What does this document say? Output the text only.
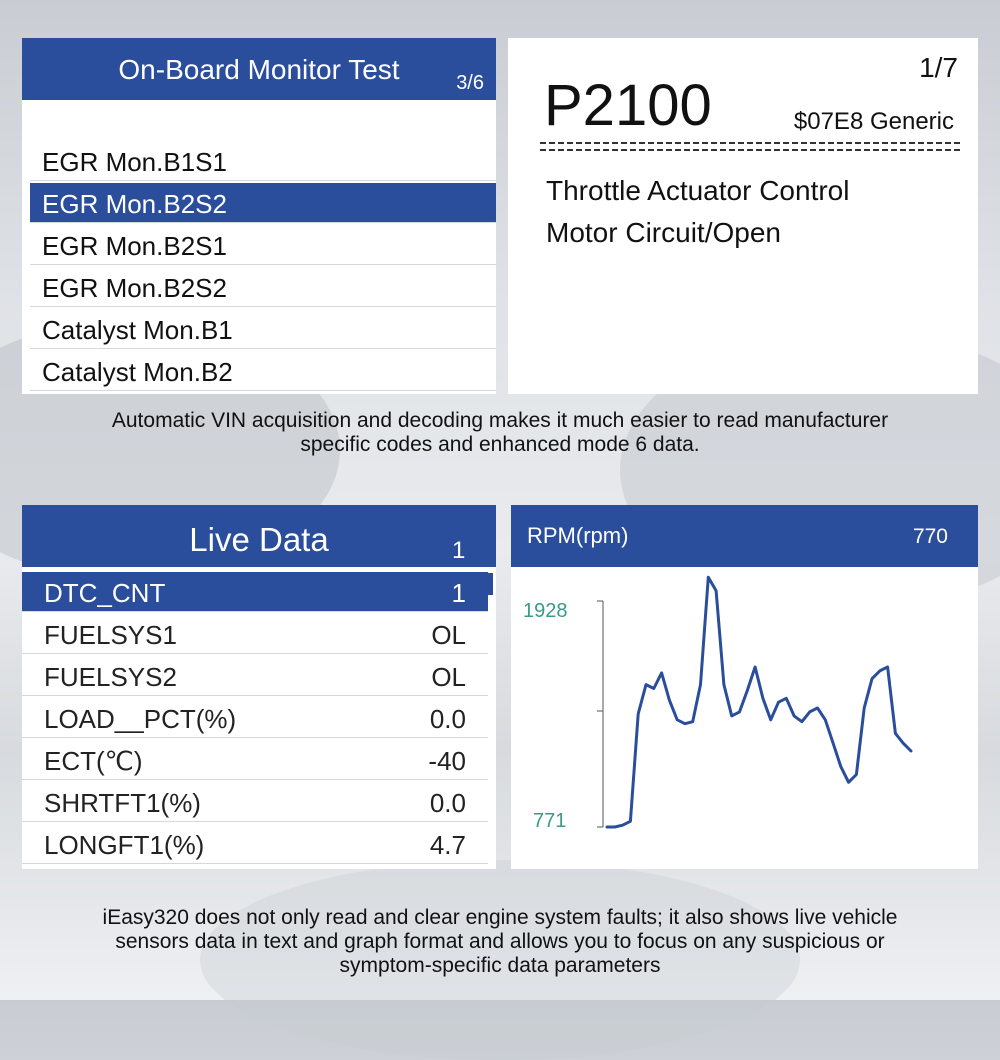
On-Board Monitor Test	3/6
EGR Mon.B1S1
EGR Mon.B2S2
EGR Mon.B2S1
EGR Mon.B2S2
Catalyst Mon.B1
Catalyst Mon.B2
P2100
1/7
$07E8 Generic
Throttle Actuator Control
Motor Circuit/Open
Automatic VIN acquisition and decoding makes it much easier to read manufacturer
specific codes and enhanced mode 6 data.
Live Data	1
DTC_CNT	1
FUELSYS1	OL
FUELSYS2	OL
LOAD__PCT(%)	0.0
ECT(℃)	-40
SHRTFT1(%)	0.0
LONGFT1(%)	4.7
RPM(rpm)	770
1928
771
iEasy320 does not only read and clear engine system faults; it also shows live vehicle
sensors data in text and graph format and allows you to focus on any suspicious or
symptom-specific data parameters
